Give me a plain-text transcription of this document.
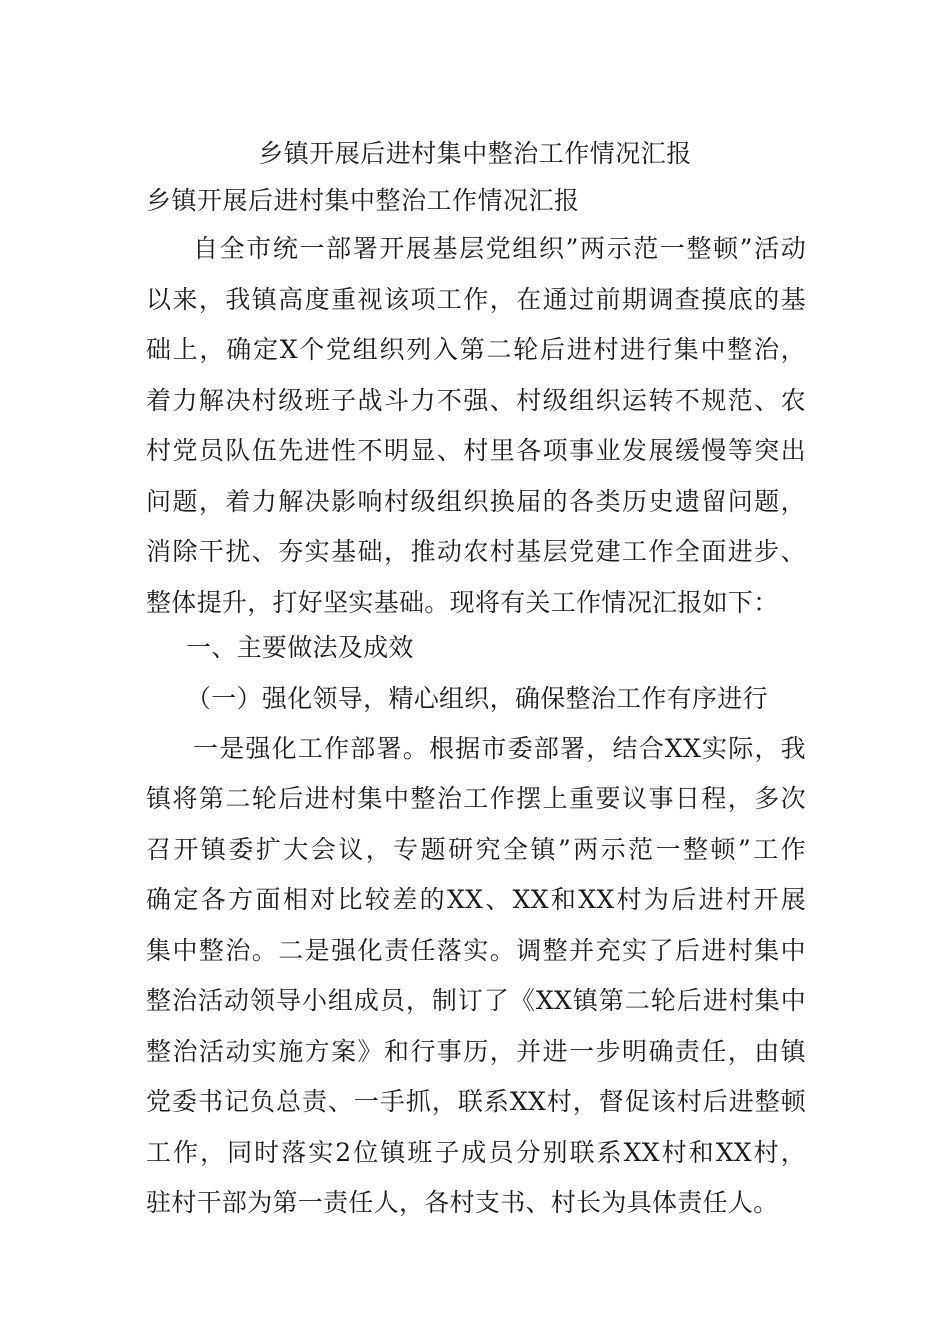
乡镇开展后进村集中整治工作情况汇报
乡镇开展后进村集中整治工作情况汇报
自全市统一部署开展基层党组织”两示范一整顿”活动
以来，我镇高度重视该项工作，在通过前期调查摸底的基
础上，确定X个党组织列入第二轮后进村进行集中整治，
着力解决村级班子战斗力不强、村级组织运转不规范、农
村党员队伍先进性不明显、村里各项事业发展缓慢等突出
问题，着力解决影响村级组织换届的各类历史遗留问题，
消除干扰、夯实基础，推动农村基层党建工作全面进步、
整体提升，打好坚实基础。现将有关工作情况汇报如下：
一、主要做法及成效
（一）强化领导，精心组织，确保整治工作有序进行
一是强化工作部署。根据市委部署，结合XX实际，我
镇将第二轮后进村集中整治工作摆上重要议事日程，多次
召开镇委扩大会议，专题研究全镇”两示范一整顿”工作
确定各方面相对比较差的XX、XX和XX村为后进村开展
集中整治。二是强化责任落实。调整并充实了后进村集中
整治活动领导小组成员，制订了《XX镇第二轮后进村集中
整治活动实施方案》和行事历，并进一步明确责任，由镇
党委书记负总责、一手抓，联系XX村，督促该村后进整顿
工作，同时落实2位镇班子成员分别联系XX村和XX村，
驻村干部为第一责任人，各村支书、村长为具体责任人。
